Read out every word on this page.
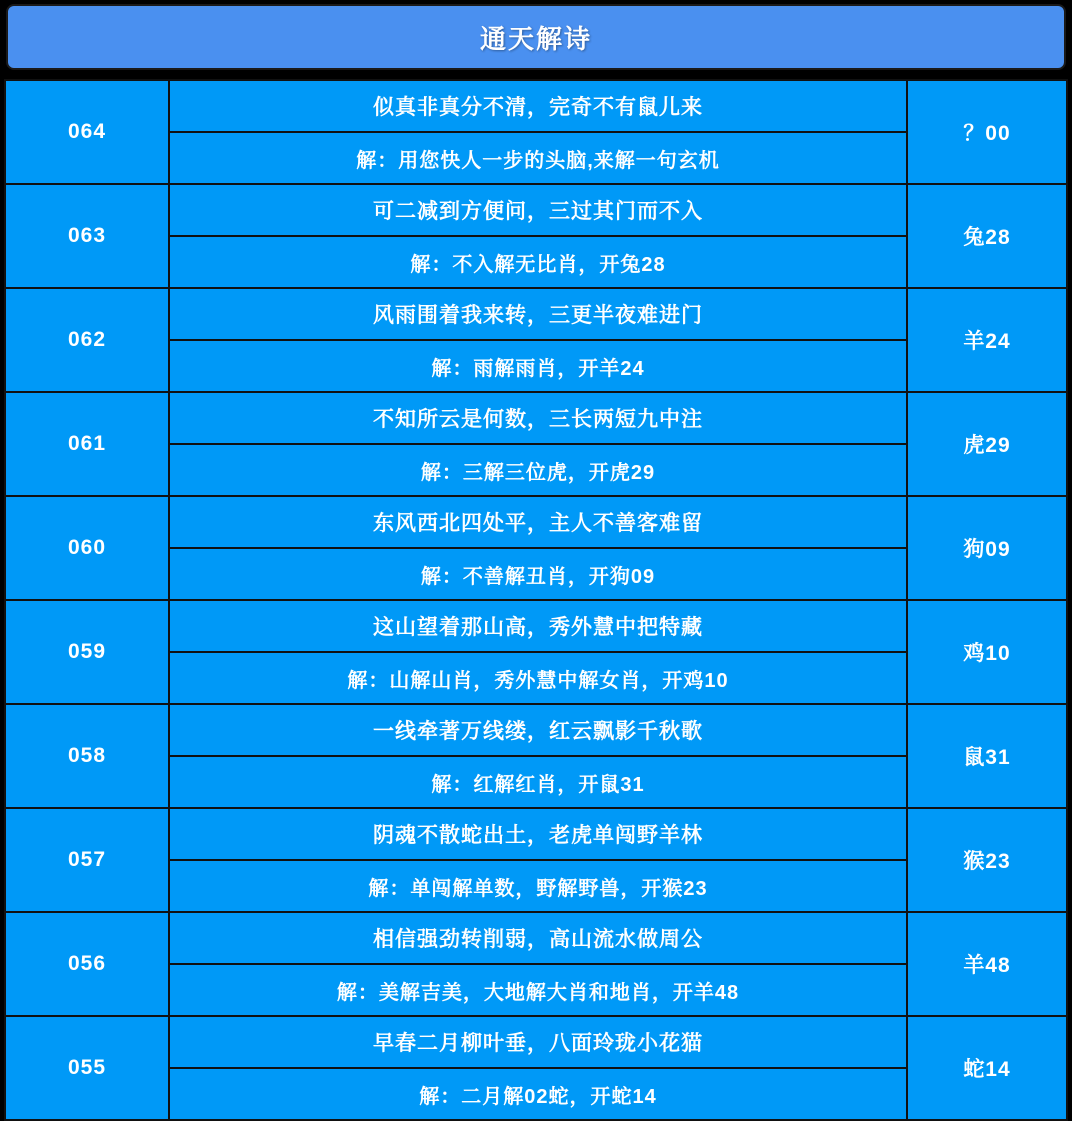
通天解诗
064	似真非真分不清，完奇不有鼠儿来	？00
	解：用您快人一步的头脑,来解一句玄机	
063	可二减到方便问，三过其门而不入	兔28
	解：不入解无比肖，开兔28	
062	风雨围着我来转，三更半夜难进门	羊24
	解：雨解雨肖，开羊24	
061	不知所云是何数，三长两短九中注	虎29
	解：三解三位虎，开虎29	
060	东风西北四处平，主人不善客难留	狗09
	解：不善解丑肖，开狗09	
059	这山望着那山高，秀外慧中把特藏	鸡10
	解：山解山肖，秀外慧中解女肖，开鸡10	
058	一线牵著万线缕，红云飘影千秋歌	鼠31
	解：红解红肖，开鼠31	
057	阴魂不散蛇出土，老虎单闯野羊林	猴23
	解：单闯解单数，野解野兽，开猴23	
056	相信强劲转削弱，高山流水做周公	羊48
	解：美解吉美，大地解大肖和地肖，开羊48	
055	早春二月柳叶垂，八面玲珑小花猫	蛇14
	解：二月解02蛇，开蛇14	
